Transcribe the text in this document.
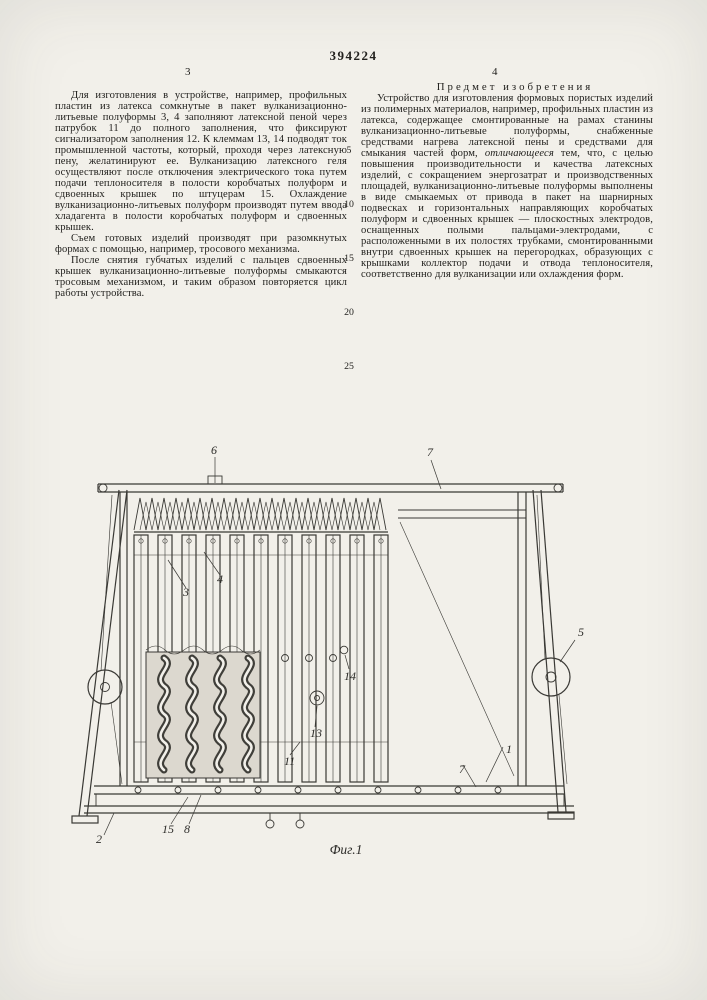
394224
3	4
5
10
15
20
25

Для изготовления в устройстве, например, профильных пластин из латекса сомкнутые в пакет вулканизационно-литьевые полуформы 3, 4 заполняют латексной пеной через патрубок 11 до полного заполнения, что фиксируют сигнализатором заполнения 12. К клеммам 13, 14 подводят ток промышленной частоты, который, проходя через латексную пену, желатинируют ее. Вулканизацию латексного геля осуществляют после отключения электрического тока путем подачи теплоносителя в полости коробчатых полуформ и сдвоенных крышек по штуцерам 15. Охлаждение вулканизационно-литьевых полуформ производят путем ввода хладагента в полости коробчатых полуформ и сдвоенных крышек.

Съем готовых изделий производят при разомкнутых формах с помощью, например, тросового механизма.

После снятия губчатых изделий с пальцев сдвоенных крышек вулканизационно-литьевые полуформы смыкаются тросовым механизмом, и таким образом повторяется цикл работы устройства.

Предмет изобретения

Устройство для изготовления формовых пористых изделий из полимерных материалов, например, профильных пластин из латекса, содержащее смонтированные на рамах станины вулканизационно-литьевые полуформы, снабженные средствами нагрева латексной пены и средствами для смыкания частей форм, отличающееся тем, что, с целью повышения производительности и качества латексных изделий, с сокращением энергозатрат и производственных площадей, вулканизационно-литьевые полуформы выполнены в виде смыкаемых от привода в пакет на шарнирных подвесках и горизонтальных направляющих коробчатых полуформ и сдвоенных крышек — плоскостных электродов, оснащенных полыми пальцами-электродами, с расположенными в их полостях трубками, смонтированными внутри сдвоенных крышек на перегородках, образующих с крышками коллектор подачи и отвода теплоносителя, соответственно для вулканизации или охлаждения форм.

6	7
5
3
4
14
13
11
1
7
2
15 8
Фиг.1
